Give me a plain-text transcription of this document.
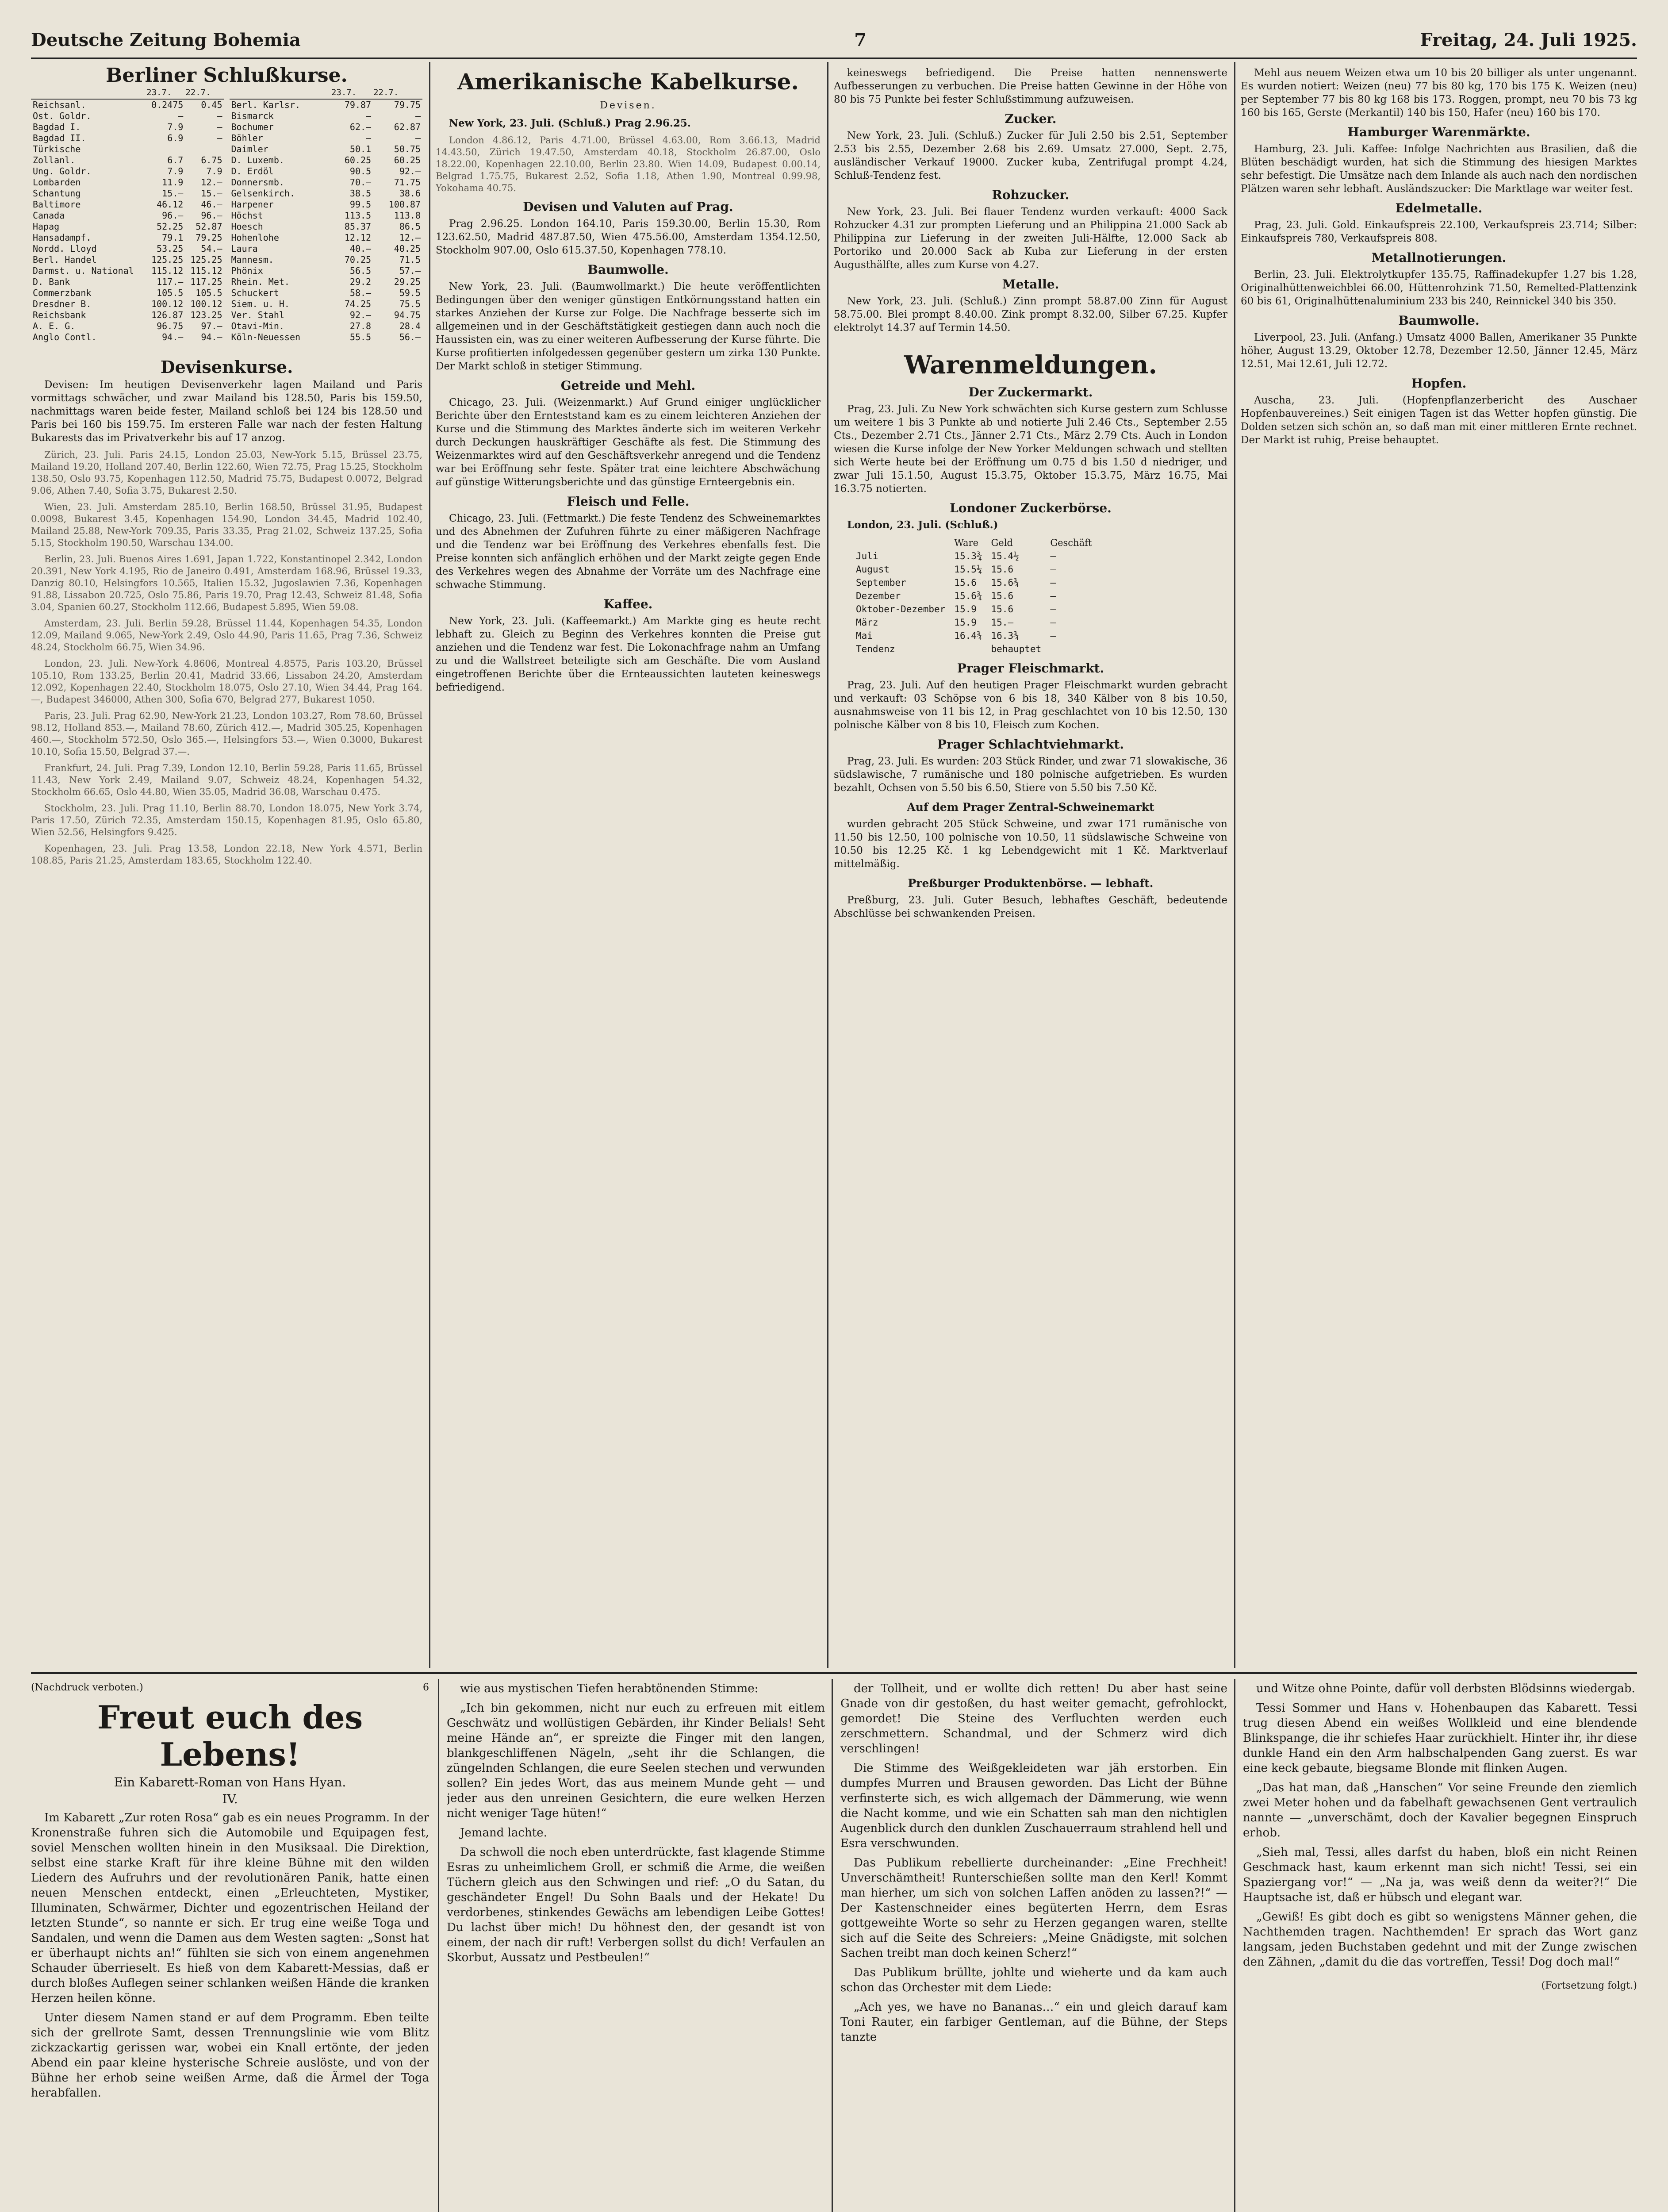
Deutsche Zeitung Bohemia	7	Freitag, 24. Juli 1925.
Berliner Schlußkurse.
	23.7.	22.7.
Reichsanl.	0.2475	0.45
Ost. Goldr.	—	—
Bagdad I.	7.9	—
Bagdad II.	6.9	—
Türkische		
Zollanl.	6.7	6.75
Ung. Goldr.	7.9	7.9
Lombarden	11.9	12.—
Schantung	15.—	15.—
Baltimore	46.12	46.—
Canada	96.—	96.—
Hapag	52.25	52.87
Hansadampf.	79.1	79.25
Nordd. Lloyd	53.25	54.—
Berl. Handel	125.25	125.25
Darmst. u. National	115.12	115.12
D. Bank	117.—	117.25
Commerzbank	105.5	105.5
Dresdner B.	100.12	100.12
Reichsbank	126.87	123.25
A. E. G.	96.75	97.—
Anglo Contl.	94.—	94.—
	23.7.	22.7.
Berl. Karlsr.	79.87	79.75
Bismarck	—	—
Bochumer	62.—	62.87
Böhler	—	—
Daimler	50.1	50.75
D. Luxemb.	60.25	60.25
D. Erdöl	90.5	92.—
Donnersmb.	70.—	71.75
Gelsenkirch.	38.5	38.6
Harpener	99.5	100.87
Höchst	113.5	113.8
Hoesch	85.37	86.5
Hohenlohe	12.12	12.—
Laura	40.—	40.25
Mannesm.	70.25	71.5
Phönix	56.5	57.—
Rhein. Met.	29.2	29.25
Schuckert	58.—	59.5
Siem. u. H.	74.25	75.5
Ver. Stahl	92.—	94.75
Otavi-Min.	27.8	28.4
Köln-Neuessen	55.5	56.—
Devisenkurse.

Devisen: Im heutigen Devisenverkehr lagen Mailand und Paris vormittags schwächer, und zwar Mailand bis 128.50, Paris bis 159.50, nachmittags waren beide fester, Mailand schloß bei 124 bis 128.50 und Paris bei 160 bis 159.75. Im ersteren Falle war nach der festen Haltung Bukarests das im Privatverkehr bis auf 17 anzog.

Zürich, 23. Juli. Paris 24.15, London 25.03, New-York 5.15, Brüssel 23.75, Mailand 19.20, Holland 207.40, Berlin 122.60, Wien 72.75, Prag 15.25, Stockholm 138.50, Oslo 93.75, Kopenhagen 112.50, Madrid 75.75, Budapest 0.0072, Belgrad 9.06, Athen 7.40, Sofia 3.75, Bukarest 2.50.

Wien, 23. Juli. Amsterdam 285.10, Berlin 168.50, Brüssel 31.95, Budapest 0.0098, Bukarest 3.45, Kopenhagen 154.90, London 34.45, Madrid 102.40, Mailand 25.88, New-York 709.35, Paris 33.35, Prag 21.02, Schweiz 137.25, Sofia 5.15, Stockholm 190.50, Warschau 134.00.

Berlin, 23. Juli. Buenos Aires 1.691, Japan 1.722, Konstantinopel 2.342, London 20.391, New York 4.195, Rio de Janeiro 0.491, Amsterdam 168.96, Brüssel 19.33, Danzig 80.10, Helsingfors 10.565, Italien 15.32, Jugoslawien 7.36, Kopenhagen 91.88, Lissabon 20.725, Oslo 75.86, Paris 19.70, Prag 12.43, Schweiz 81.48, Sofia 3.04, Spanien 60.27, Stockholm 112.66, Budapest 5.895, Wien 59.08.

Amsterdam, 23. Juli. Berlin 59.28, Brüssel 11.44, Kopenhagen 54.35, London 12.09, Mailand 9.065, New-York 2.49, Oslo 44.90, Paris 11.65, Prag 7.36, Schweiz 48.24, Stockholm 66.75, Wien 34.96.

London, 23. Juli. New-York 4.8606, Montreal 4.8575, Paris 103.20, Brüssel 105.10, Rom 133.25, Berlin 20.41, Madrid 33.66, Lissabon 24.20, Amsterdam 12.092, Kopenhagen 22.40, Stockholm 18.075, Oslo 27.10, Wien 34.44, Prag 164.—, Budapest 346000, Athen 300, Sofia 670, Belgrad 277, Bukarest 1050.

Paris, 23. Juli. Prag 62.90, New-York 21.23, London 103.27, Rom 78.60, Brüssel 98.12, Holland 853.—, Mailand 78.60, Zürich 412.—, Madrid 305.25, Kopenhagen 460.—, Stockholm 572.50, Oslo 365.—, Helsingfors 53.—, Wien 0.3000, Bukarest 10.10, Sofia 15.50, Belgrad 37.—.

Frankfurt, 24. Juli. Prag 7.39, London 12.10, Berlin 59.28, Paris 11.65, Brüssel 11.43, New York 2.49, Mailand 9.07, Schweiz 48.24, Kopenhagen 54.32, Stockholm 66.65, Oslo 44.80, Wien 35.05, Madrid 36.08, Warschau 0.475.

Stockholm, 23. Juli. Prag 11.10, Berlin 88.70, London 18.075, New York 3.74, Paris 17.50, Zürich 72.35, Amsterdam 150.15, Kopenhagen 81.95, Oslo 65.80, Wien 52.56, Helsingfors 9.425.

Kopenhagen, 23. Juli. Prag 13.58, London 22.18, New York 4.571, Berlin 108.85, Paris 21.25, Amsterdam 183.65, Stockholm 122.40.

Amerikanische Kabelkurse.
Devisen.

New York, 23. Juli. (Schluß.) Prag 2.96.25.

London 4.86.12, Paris 4.71.00, Brüssel 4.63.00, Rom 3.66.13, Madrid 14.43.50, Zürich 19.47.50, Amsterdam 40.18, Stockholm 26.87.00, Oslo 18.22.00, Kopenhagen 22.10.00, Berlin 23.80. Wien 14.09, Budapest 0.00.14, Belgrad 1.75.75, Bukarest 2.52, Sofia 1.18, Athen 1.90, Montreal 0.99.98, Yokohama 40.75.

Devisen und Valuten auf Prag.

Prag 2.96.25. London 164.10, Paris 159.30.00, Berlin 15.30, Rom 123.62.50, Madrid 487.87.50, Wien 475.56.00, Amsterdam 1354.12.50, Stockholm 907.00, Oslo 615.37.50, Kopenhagen 778.10.

Baumwolle.

New York, 23. Juli. (Baumwollmarkt.) Die heute veröffentlichten Bedingungen über den weniger günstigen Entkörnungsstand hatten ein starkes Anziehen der Kurse zur Folge. Die Nachfrage besserte sich im allgemeinen und in der Geschäftstätigkeit gestiegen dann auch noch die Haussisten ein, was zu einer weiteren Aufbesserung der Kurse führte. Die Kurse profitierten infolgedessen gegenüber gestern um zirka 130 Punkte. Der Markt schloß in stetiger Stimmung.

Getreide und Mehl.

Chicago, 23. Juli. (Weizenmarkt.) Auf Grund einiger unglücklicher Berichte über den Ernteststand kam es zu einem leichteren Anziehen der Kurse und die Stimmung des Marktes änderte sich im weiteren Verkehr durch Deckungen hauskräftiger Geschäfte als fest. Die Stimmung des Weizenmarktes wird auf den Geschäftsverkehr anregend und die Tendenz war bei Eröffnung sehr feste. Später trat eine leichtere Abschwächung auf günstige Witterungsberichte und das günstige Ernteergebnis ein.

Fleisch und Felle.

Chicago, 23. Juli. (Fettmarkt.) Die feste Tendenz des Schweinemarktes und des Abnehmen der Zufuhren führte zu einer mäßigeren Nachfrage und die Tendenz war bei Eröffnung des Verkehres ebenfalls fest. Die Preise konnten sich anfänglich erhöhen und der Markt zeigte gegen Ende des Verkehres wegen des Abnahme der Vorräte um des Nachfrage eine schwache Stimmung.

Kaffee.

New York, 23. Juli. (Kaffeemarkt.) Am Markte ging es heute recht lebhaft zu. Gleich zu Beginn des Verkehres konnten die Preise gut anziehen und die Tendenz war fest. Die Lokonachfrage nahm an Umfang zu und die Wallstreet beteiligte sich am Geschäfte. Die vom Ausland eingetroffenen Berichte über die Ernteaussichten lauteten keineswegs befriedigend.

keineswegs befriedigend. Die Preise hatten nennenswerte Aufbesserungen zu verbuchen. Die Preise hatten Gewinne in der Höhe von 80 bis 75 Punkte bei fester Schlußstimmung aufzuweisen.

Zucker.

New York, 23. Juli. (Schluß.) Zucker für Juli 2.50 bis 2.51, September 2.53 bis 2.55, Dezember 2.68 bis 2.69. Umsatz 27.000, Sept. 2.75, ausländischer Verkauf 19000. Zucker kuba, Zentrifugal prompt 4.24, Schluß-Tendenz fest.

Rohzucker.

New York, 23. Juli. Bei flauer Tendenz wurden verkauft: 4000 Sack Rohzucker 4.31 zur prompten Lieferung und an Philippina 21.000 Sack ab Philippina zur Lieferung in der zweiten Juli-Hälfte, 12.000 Sack ab Portoriko und 20.000 Sack ab Kuba zur Lieferung in der ersten Augusthälfte, alles zum Kurse von 4.27.

Metalle.

New York, 23. Juli. (Schluß.) Zinn prompt 58.87.00 Zinn für August 58.75.00. Blei prompt 8.40.00. Zink prompt 8.32.00, Silber 67.25. Kupfer elektrolyt 14.37 auf Termin 14.50.

Warenmeldungen.
Der Zuckermarkt.

Prag, 23. Juli. Zu New York schwächten sich Kurse gestern zum Schlusse um weitere 1 bis 3 Punkte ab und notierte Juli 2.46 Cts., September 2.55 Cts., Dezember 2.71 Cts., Jänner 2.71 Cts., März 2.79 Cts. Auch in London wiesen die Kurse infolge der New Yorker Meldungen schwach und stellten sich Werte heute bei der Eröffnung um 0.75 d bis 1.50 d niedriger, und zwar Juli 15.1.50, August 15.3.75, Oktober 15.3.75, März 16.75, Mai 16.3.75 notierten.

Londoner Zuckerbörse.

London, 23. Juli. (Schluß.)

	Ware	Geld	Geschäft
Juli	15.3¾	15.4½	—
August	15.5¼	15.6	—
September	15.6	15.6¾	—
Dezember	15.6¾	15.6	—
Oktober-Dezember	15.9	15.6	—
März	15.9	15.—	—
Mai	16.4¾	16.3¾	—
Tendenz		behauptet	
Prager Fleischmarkt.

Prag, 23. Juli. Auf den heutigen Prager Fleischmarkt wurden gebracht und verkauft: 03 Schöpse von 6 bis 18, 340 Kälber von 8 bis 10.50, ausnahmsweise von 11 bis 12, in Prag geschlachtet von 10 bis 12.50, 130 polnische Kälber von 8 bis 10, Fleisch zum Kochen.

Prager Schlachtviehmarkt.

Prag, 23. Juli. Es wurden: 203 Stück Rinder, und zwar 71 slowakische, 36 südslawische, 7 rumänische und 180 polnische aufgetrieben. Es wurden bezahlt, Ochsen von 5.50 bis 6.50, Stiere von 5.50 bis 7.50 Kč.

Auf dem Prager Zentral-Schweinemarkt

wurden gebracht 205 Stück Schweine, und zwar 171 rumänische von 11.50 bis 12.50, 100 polnische von 10.50, 11 südslawische Schweine von 10.50 bis 12.25 Kč. 1 kg Lebendgewicht mit 1 Kč. Marktverlauf mittelmäßig.

Preßburger Produktenbörse. — lebhaft.

Preßburg, 23. Juli. Guter Besuch, lebhaftes Geschäft, bedeutende Abschlüsse bei schwankenden Preisen.

Mehl aus neuem Weizen etwa um 10 bis 20 billiger als unter ungenannt. Es wurden notiert: Weizen (neu) 77 bis 80 kg, 170 bis 175 K. Weizen (neu) per September 77 bis 80 kg 168 bis 173. Roggen, prompt, neu 70 bis 73 kg 160 bis 165, Gerste (Merkantil) 140 bis 150, Hafer (neu) 160 bis 170.

Hamburger Warenmärkte.

Hamburg, 23. Juli. Kaffee: Infolge Nachrichten aus Brasilien, daß die Blüten beschädigt wurden, hat sich die Stimmung des hiesigen Marktes sehr befestigt. Die Umsätze nach dem Inlande als auch nach den nordischen Plätzen waren sehr lebhaft. Ausländszucker: Die Marktlage war weiter fest.

Edelmetalle.

Prag, 23. Juli. Gold. Einkaufspreis 22.100, Verkaufspreis 23.714; Silber: Einkaufspreis 780, Verkaufspreis 808.

Metallnotierungen.

Berlin, 23. Juli. Elektrolytkupfer 135.75, Raffinadekupfer 1.27 bis 1.28, Originalhüttenweichblei 66.00, Hüttenrohzink 71.50, Remelted-Plattenzink 60 bis 61, Originalhüttenaluminium 233 bis 240, Reinnickel 340 bis 350.

Baumwolle.

Liverpool, 23. Juli. (Anfang.) Umsatz 4000 Ballen, Amerikaner 35 Punkte höher, August 13.29, Oktober 12.78, Dezember 12.50, Jänner 12.45, März 12.51, Mai 12.61, Juli 12.72.

Hopfen.

Auscha, 23. Juli. (Hopfenpflanzerbericht des Auschaer Hopfenbauvereines.) Seit einigen Tagen ist das Wetter hopfen günstig. Die Dolden setzen sich schön an, so daß man mit einer mittleren Ernte rechnet. Der Markt ist ruhig, Preise behauptet.

(Nachdruck verboten.)	6
Freut euch des Lebens!
Ein Kabarett-Roman von Hans Hyan.
IV.

Im Kabarett „Zur roten Rosa“ gab es ein neues Programm. In der Kronenstraße fuhren sich die Automobile und Equipagen fest, soviel Menschen wollten hinein in den Musiksaal. Die Direktion, selbst eine starke Kraft für ihre kleine Bühne mit den wilden Liedern des Aufruhrs und der revolutionären Panik, hatte einen neuen Menschen entdeckt, einen „Erleuchteten, Mystiker, Illuminaten, Schwärmer, Dichter und egozentrischen Heiland der letzten Stunde“, so nannte er sich. Er trug eine weiße Toga und Sandalen, und wenn die Damen aus dem Westen sagten: „Sonst hat er überhaupt nichts an!“ fühlten sie sich von einem angenehmen Schauder überrieselt. Es hieß von dem Kabarett-Messias, daß er durch bloßes Auflegen seiner schlanken weißen Hände die kranken Herzen heilen könne.

Unter diesem Namen stand er auf dem Programm. Eben teilte sich der grellrote Samt, dessen Trennungslinie wie vom Blitz zickzackartig gerissen war, wobei ein Knall ertönte, der jeden Abend ein paar kleine hysterische Schreie auslöste, und von der Bühne her erhob seine weißen Arme, daß die Ärmel der Toga herabfallen.

wie aus mystischen Tiefen herabtönenden Stimme:

„Ich bin gekommen, nicht nur euch zu erfreuen mit eitlem Geschwätz und wollüstigen Gebärden, ihr Kinder Belials! Seht meine Hände an“, er spreizte die Finger mit den langen, blankgeschliffenen Nägeln, „seht ihr die Schlangen, die züngelnden Schlangen, die eure Seelen stechen und verwunden sollen? Ein jedes Wort, das aus meinem Munde geht — und jeder aus den unreinen Gesichtern, die eure welken Herzen nicht weniger Tage hüten!“

Jemand lachte.

Da schwoll die noch eben unterdrückte, fast klagende Stimme Esras zu unheimlichem Groll, er schmiß die Arme, die weißen Tüchern gleich aus den Schwingen und rief: „O du Satan, du geschändeter Engel! Du Sohn Baals und der Hekate! Du verdorbenes, stinkendes Gewächs am lebendigen Leibe Gottes! Du lachst über mich! Du höhnest den, der gesandt ist von einem, der nach dir ruft! Verbergen sollst du dich! Verfaulen an Skorbut, Aussatz und Pestbeulen!“

der Tollheit, und er wollte dich retten! Du aber hast seine Gnade von dir gestoßen, du hast weiter gemacht, gefrohlockt, gemordet! Die Steine des Verfluchten werden euch zerschmettern. Schandmal, und der Schmerz wird dich verschlingen!

Die Stimme des Weißgekleideten war jäh erstorben. Ein dumpfes Murren und Brausen geworden. Das Licht der Bühne verfinsterte sich, es wich allgemach der Dämmerung, wie wenn die Nacht komme, und wie ein Schatten sah man den nichtiglen Augenblick durch den dunklen Zuschauerraum strahlend hell und Esra verschwunden.

Das Publikum rebellierte durcheinander: „Eine Frechheit! Unverschämtheit! Runterschießen sollte man den Kerl! Kommt man hierher, um sich von solchen Laffen anöden zu lassen?!“ — Der Kastenschneider eines begüterten Herrn, dem Esras gottgeweihte Worte so sehr zu Herzen gegangen waren, stellte sich auf die Seite des Schreiers: „Meine Gnädigste, mit solchen Sachen treibt man doch keinen Scherz!“

Das Publikum brüllte, johlte und wieherte und da kam auch schon das Orchester mit dem Liede:

„Ach yes, we have no Bananas…“ ein und gleich darauf kam Toni Rauter, ein farbiger Gentleman, auf die Bühne, der Steps tanzte

und Witze ohne Pointe, dafür voll derbsten Blödsinns wiedergab.

Tessi Sommer und Hans v. Hohenbaupen das Kabarett. Tessi trug diesen Abend ein weißes Wollkleid und eine blendende Blinkspange, die ihr schiefes Haar zurückhielt. Hinter ihr, ihr diese dunkle Hand ein den Arm halbschalpenden Gang zuerst. Es war eine keck gebaute, biegsame Blonde mit flinken Augen.

„Das hat man, daß „Hanschen“ Vor seine Freunde den ziemlich zwei Meter hohen und da fabelhaft gewachsenen Gent vertraulich nannte — „unverschämt, doch der Kavalier begegnen Einspruch erhob.

„Sieh mal, Tessi, alles darfst du haben, bloß ein nicht Reinen Geschmack hast, kaum erkennt man sich nicht! Tessi, sei ein Spaziergang vor!“ — „Na ja, was weiß denn da weiter?!“ Die Hauptsache ist, daß er hübsch und elegant war.

„Gewiß! Es gibt doch es gibt so wenigstens Männer gehen, die Nachthemden tragen. Nachthemden! Er sprach das Wort ganz langsam, jeden Buchstaben gedehnt und mit der Zunge zwischen den Zähnen, „damit du die das vortreffen, Tessi! Dog doch mal!“

(Fortsetzung folgt.)
